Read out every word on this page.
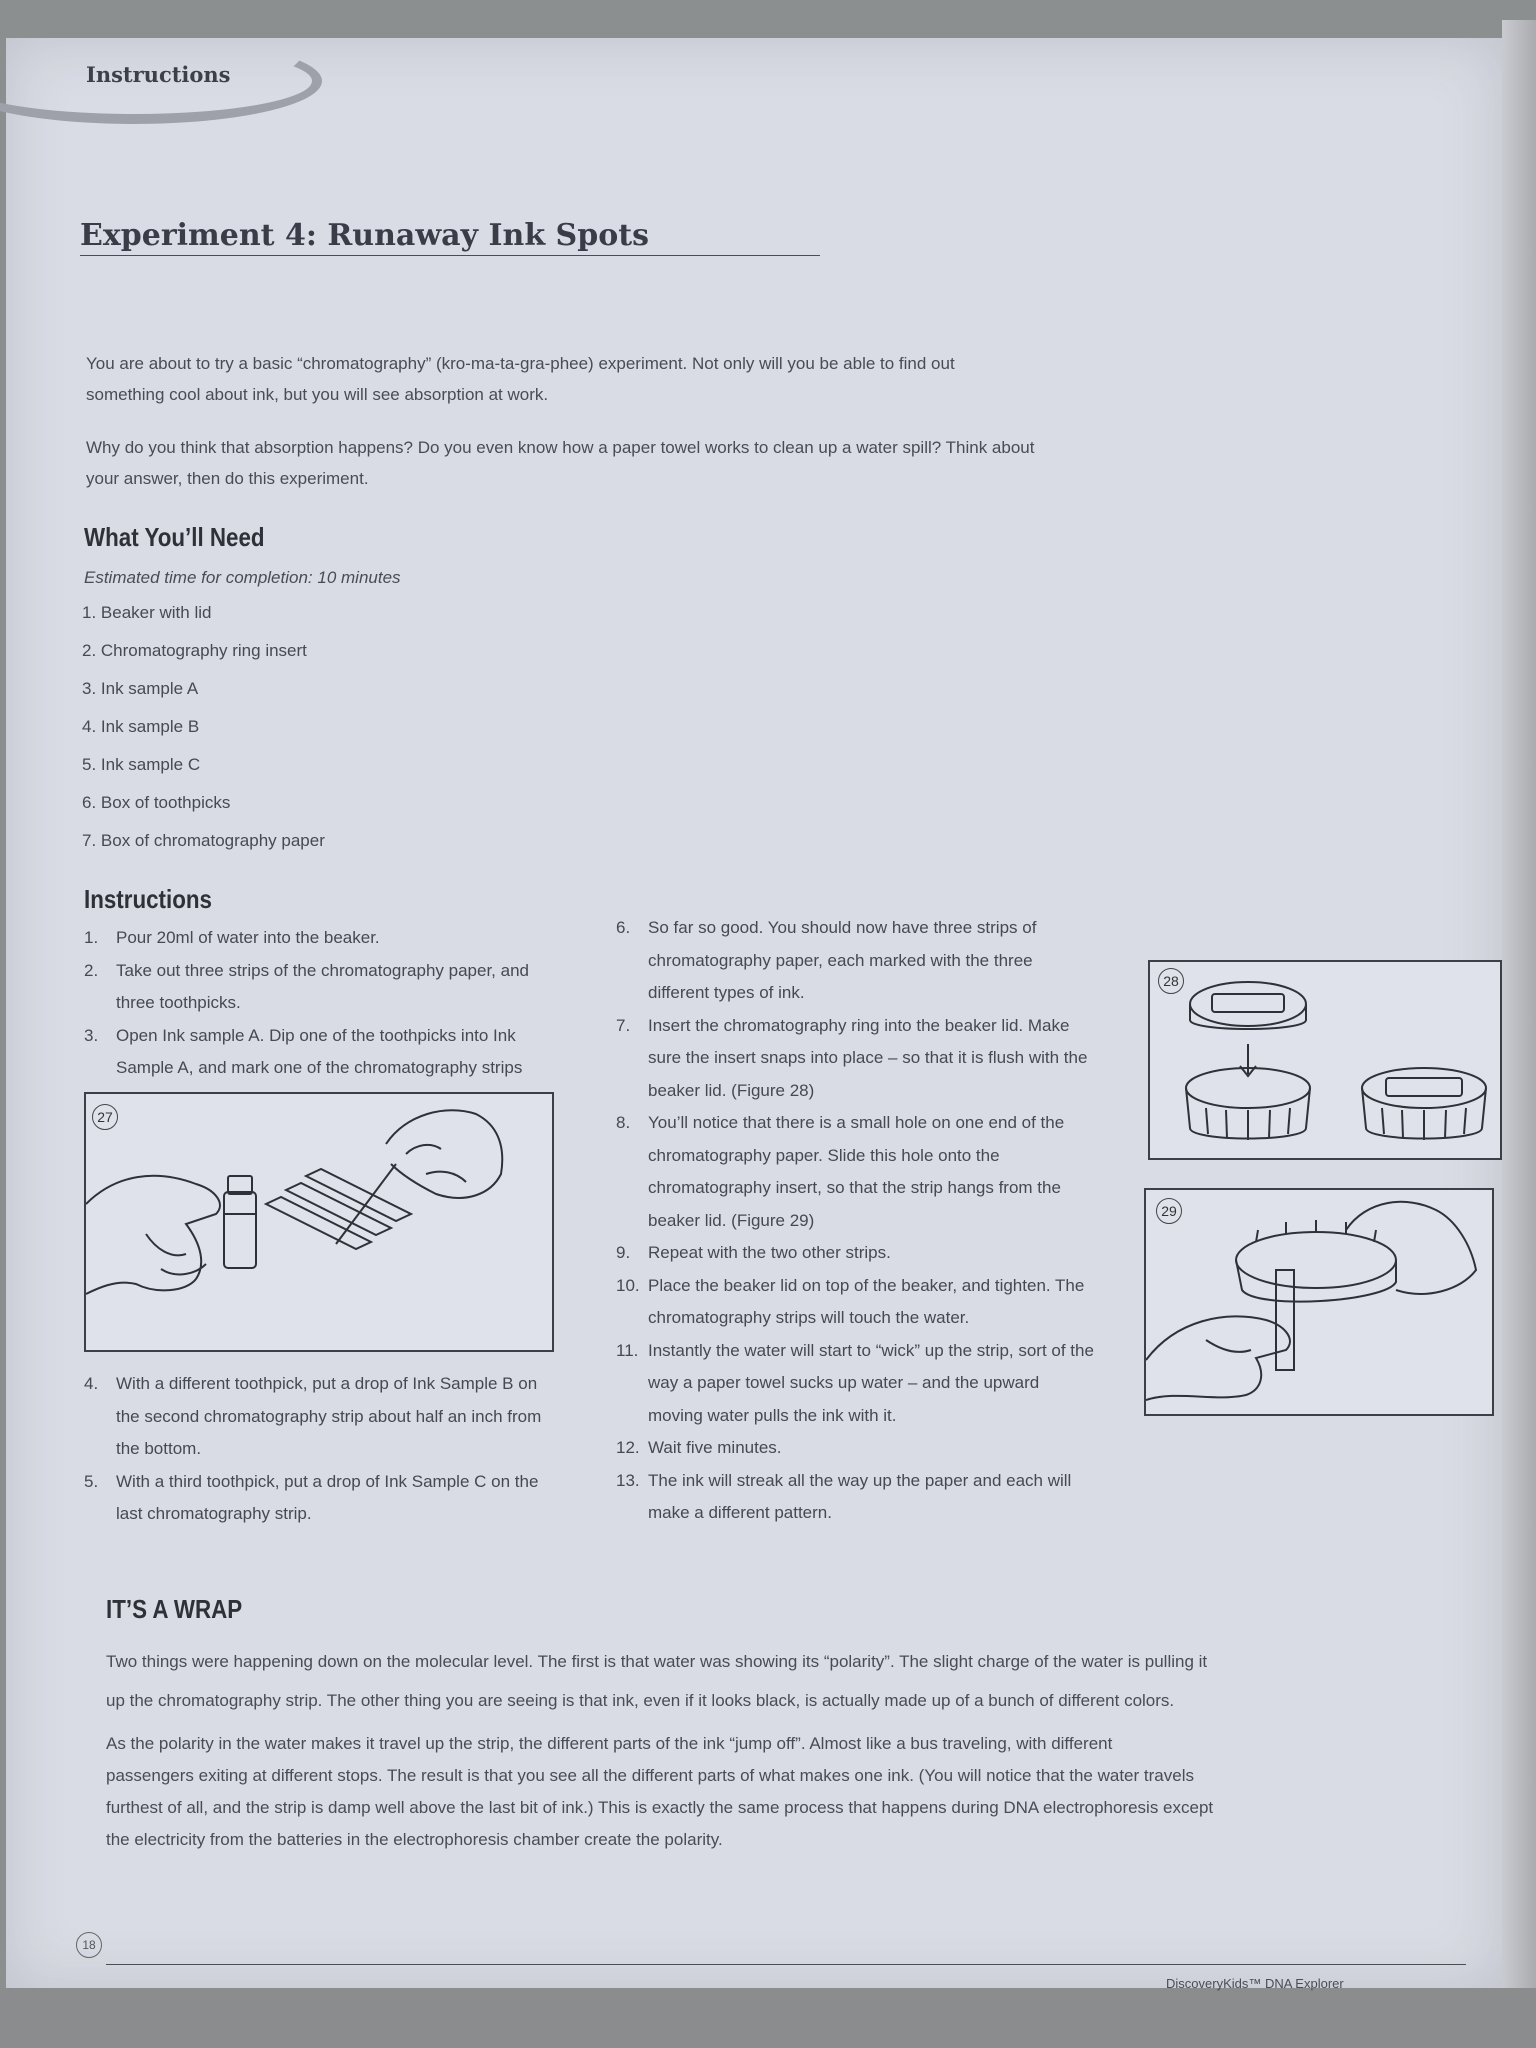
Instructions
Experiment 4: Runaway Ink Spots

You are about to try a basic “chromatography” (kro-ma-ta-gra-phee) experiment. Not only will you be able to find out
something cool about ink, but you will see absorption at work.

Why do you think that absorption happens? Do you even know how a paper towel works to clean up a water spill? Think about
your answer, then do this experiment.

What You’ll Need
Estimated time for completion: 10 minutes
1. Beaker with lid
2. Chromatography ring insert
3. Ink sample A
4. Ink sample B
5. Ink sample C
6. Box of toothpicks
7. Box of chromatography paper
Instructions
1.	Pour 20ml of water into the beaker.
2.	Take out three strips of the chromatography paper, and three toothpicks.
3.	Open Ink sample A. Dip one of the toothpicks into Ink Sample A, and mark one of the chromatography strips
27
4.	With a different toothpick, put a drop of Ink Sample B on the second chromatography strip about half an inch from the bottom.
5.	With a third toothpick, put a drop of Ink Sample C on the last chromatography strip.
6.	So far so good. You should now have three strips of chromatography paper, each marked with the three different types of ink.
7.	Insert the chromatography ring into the beaker lid. Make sure the insert snaps into place – so that it is flush with the beaker lid. (Figure 28)
8.	You’ll notice that there is a small hole on one end of the chromatography paper. Slide this hole onto the chromatography insert, so that the strip hangs from the beaker lid. (Figure 29)
9.	Repeat with the two other strips.
10. Place the beaker lid on top of the beaker, and tighten. The chromatography strips will touch the water.
11. Instantly the water will start to “wick” up the strip, sort of the way a paper towel sucks up water – and the upward moving water pulls the ink with it.
12. Wait five minutes.
13. The ink will streak all the way up the paper and each will make a different pattern.
28
29
IT’S A WRAP

Two things were happening down on the molecular level. The first is that water was showing its “polarity”. The slight charge of the water is pulling it
up the chromatography strip. The other thing you are seeing is that ink, even if it looks black, is actually made up of a bunch of different colors.

As the polarity in the water makes it travel up the strip, the different parts of the ink “jump off”. Almost like a bus traveling, with different
passengers exiting at different stops. The result is that you see all the different parts of what makes one ink. (You will notice that the water travels
furthest of all, and the strip is damp well above the last bit of ink.) This is exactly the same process that happens during DNA electrophoresis except
the electricity from the batteries in the electrophoresis chamber create the polarity.

18
DiscoveryKids™ DNA Explorer
